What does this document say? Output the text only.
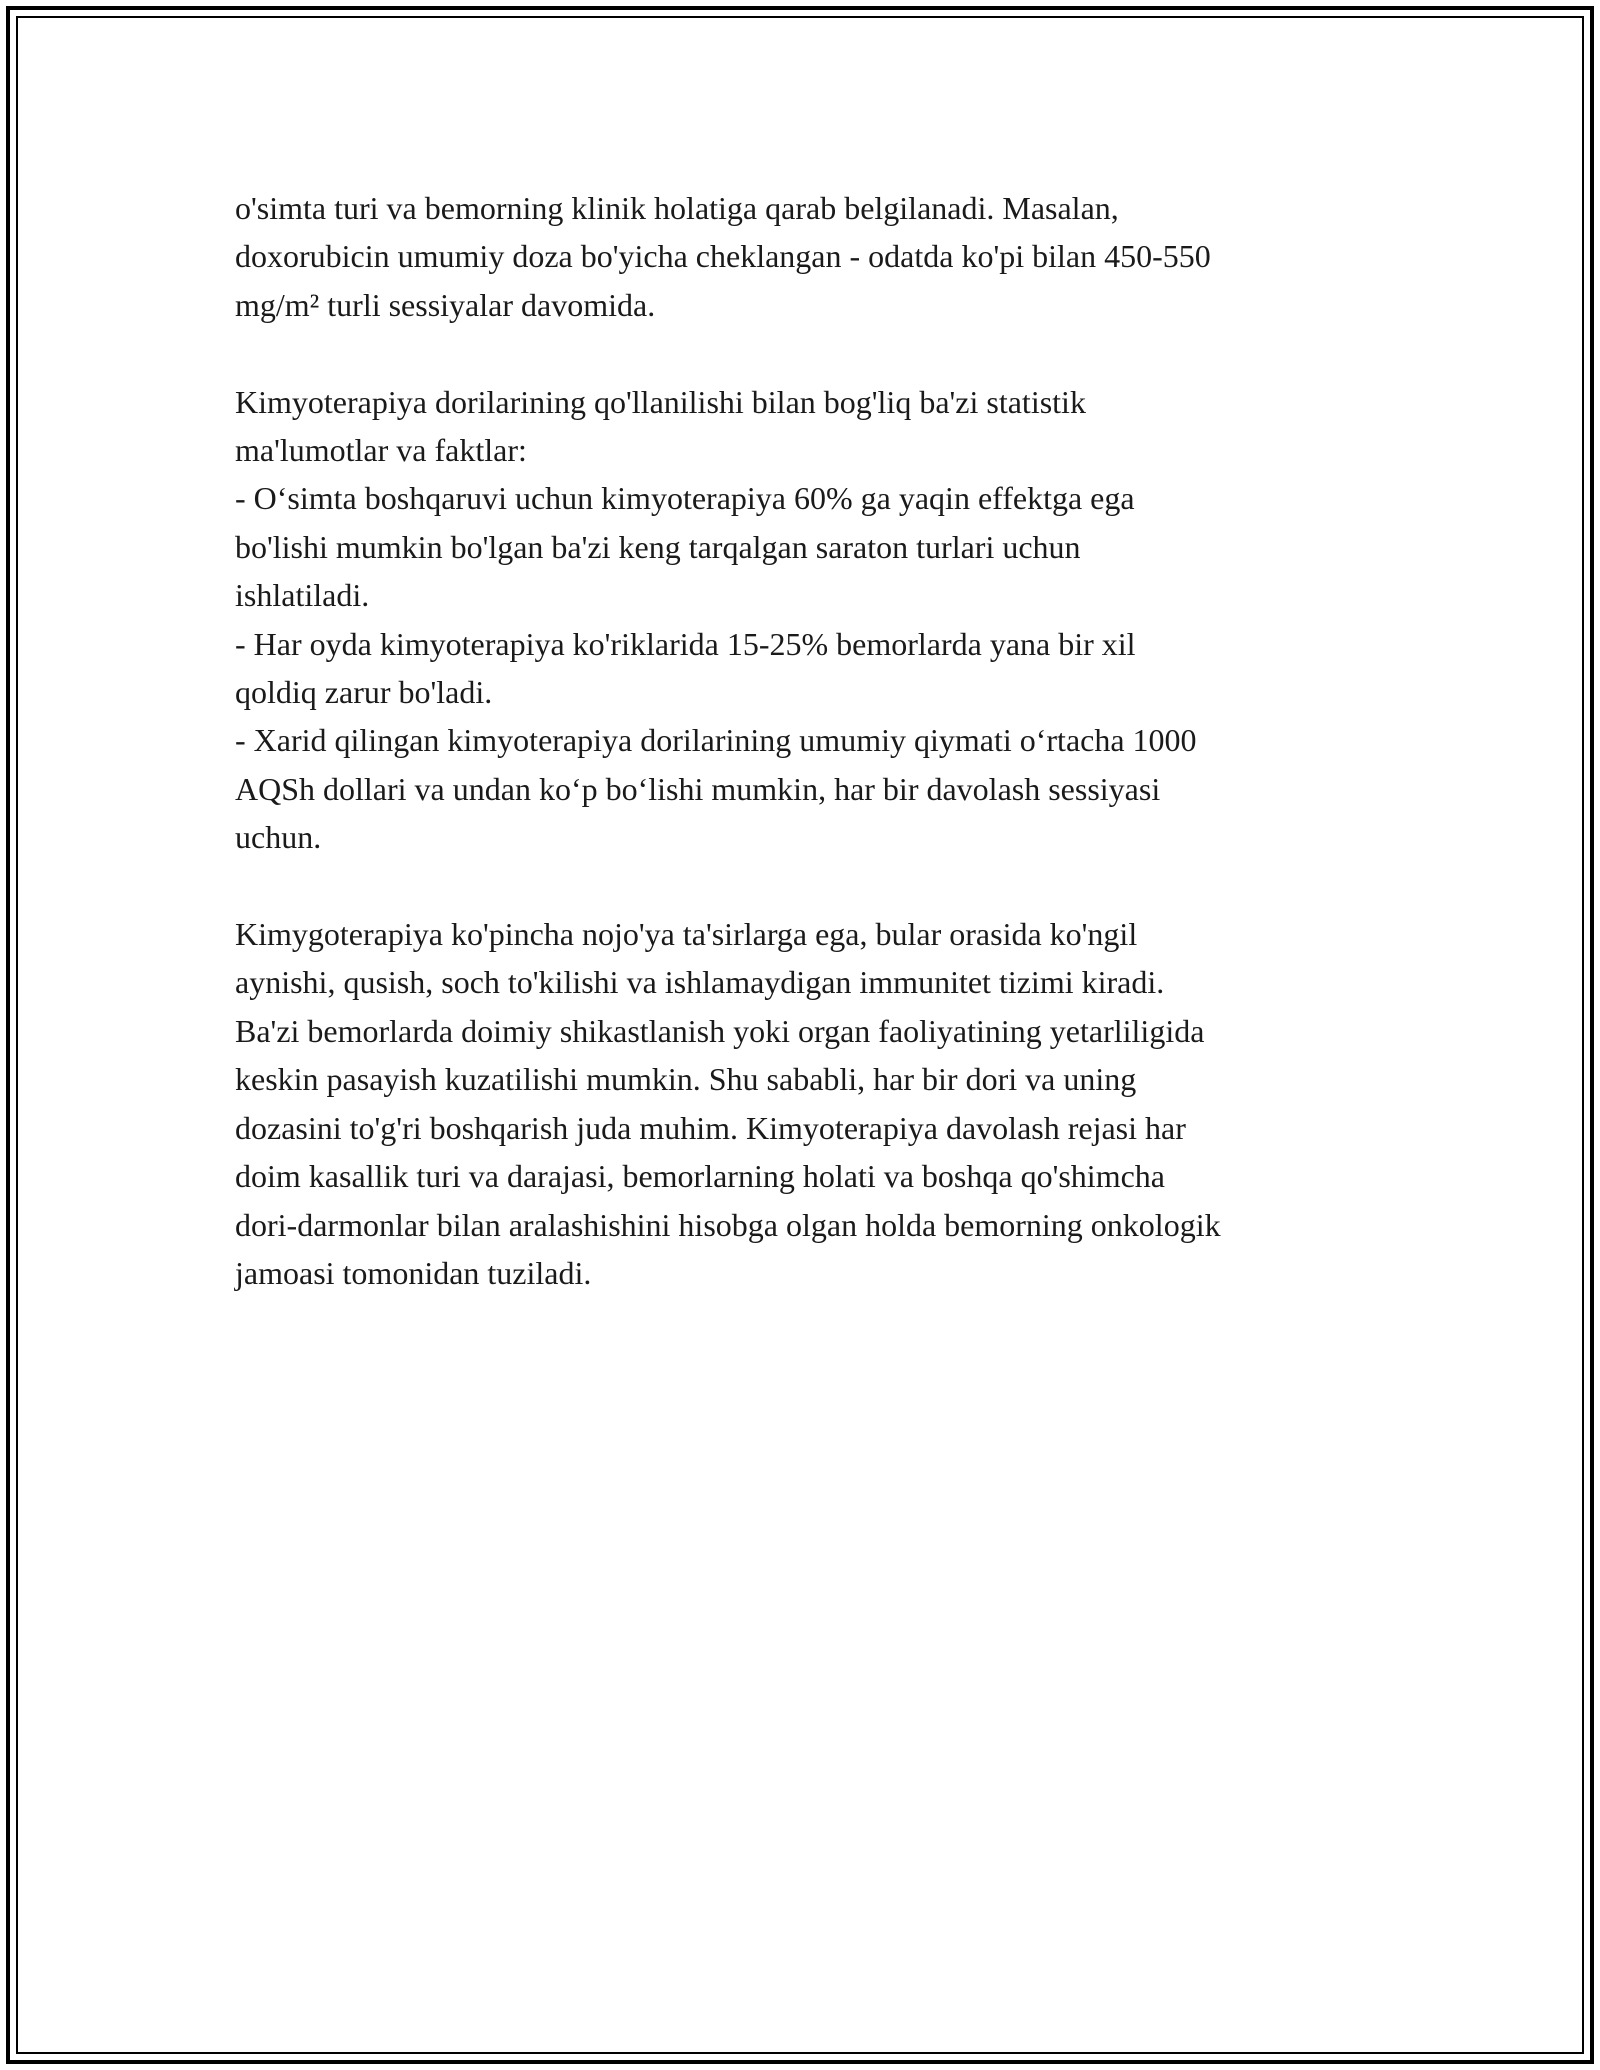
o'simta turi va bemorning klinik holatiga qarab belgilanadi. Masalan,
doxorubicin umumiy doza bo'yicha cheklangan - odatda ko'pi bilan 450-550
mg/m² turli sessiyalar davomida.

Kimyoterapiya dorilarining qo'llanilishi bilan bog'liq ba'zi statistik
ma'lumotlar va faktlar:
- O‘simta boshqaruvi uchun kimyoterapiya 60% ga yaqin effektga ega
bo'lishi mumkin bo'lgan ba'zi keng tarqalgan saraton turlari uchun
ishlatiladi.
- Har oyda kimyoterapiya ko'riklarida 15-25% bemorlarda yana bir xil
qoldiq zarur bo'ladi.
- Xarid qilingan kimyoterapiya dorilarining umumiy qiymati o‘rtacha 1000
AQSh dollari va undan ko‘p bo‘lishi mumkin, har bir davolash sessiyasi
uchun.

Kimygoterapiya ko'pincha nojo'ya ta'sirlarga ega, bular orasida ko'ngil
aynishi, qusish, soch to'kilishi va ishlamaydigan immunitet tizimi kiradi.
Ba'zi bemorlarda doimiy shikastlanish yoki organ faoliyatining yetarliligida
keskin pasayish kuzatilishi mumkin. Shu sababli, har bir dori va uning
dozasini to'g'ri boshqarish juda muhim. Kimyoterapiya davolash rejasi har
doim kasallik turi va darajasi, bemorlarning holati va boshqa qo'shimcha
dori-darmonlar bilan aralashishini hisobga olgan holda bemorning onkologik
jamoasi tomonidan tuziladi.
